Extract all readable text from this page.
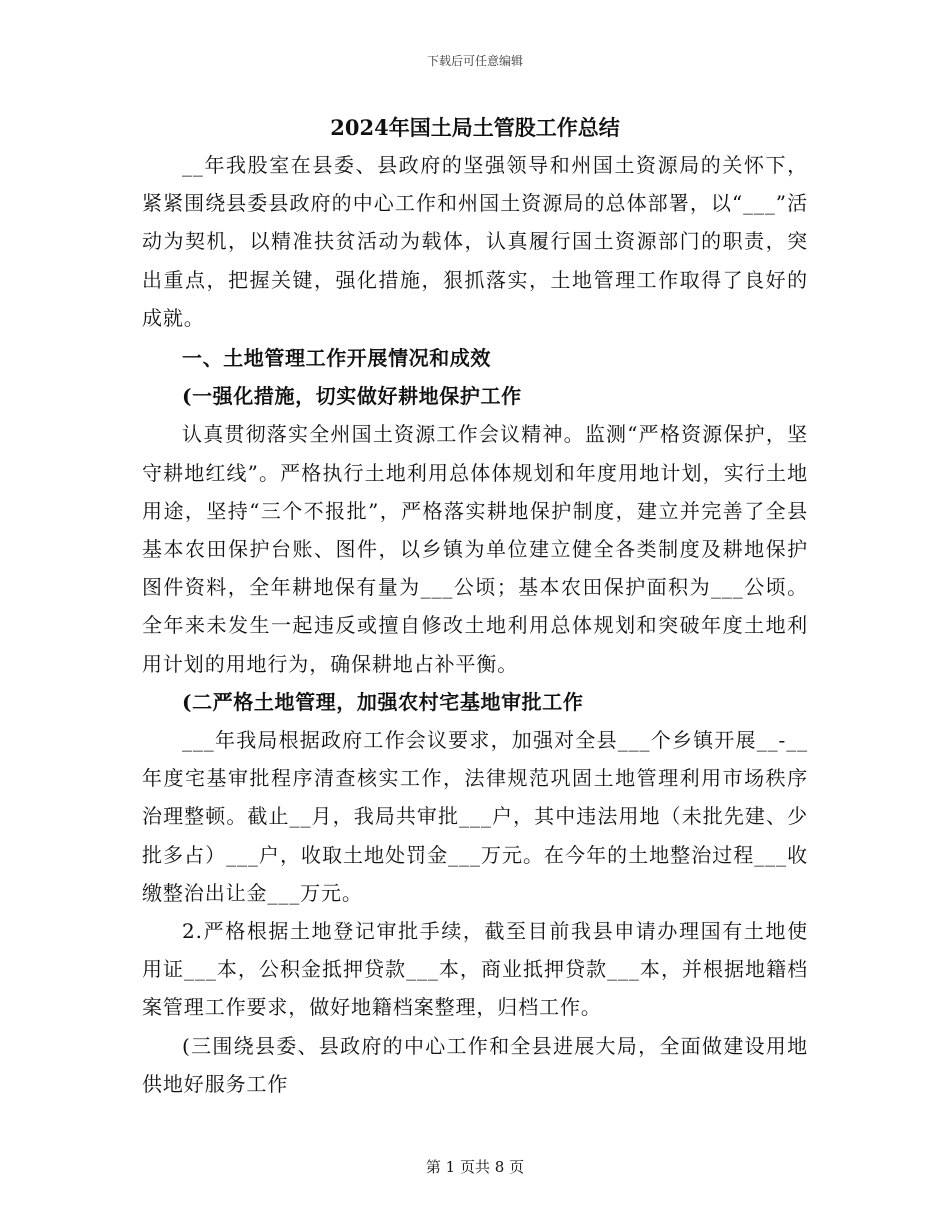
下载后可任意编辑
2024年国土局土管股工作总结

__年我股室在县委、县政府的坚强领导和州国土资源局的关怀下，紧紧围绕县委县政府的中心工作和州国土资源局的总体部署，以“___”活动为契机，以精准扶贫活动为载体，认真履行国土资源部门的职责，突出重点，把握关键，强化措施，狠抓落实，土地管理工作取得了良好的成就。

一、土地管理工作开展情况和成效

(一强化措施，切实做好耕地保护工作

认真贯彻落实全州国土资源工作会议精神。监测“严格资源保护，坚守耕地红线”。严格执行土地利用总体体规划和年度用地计划，实行土地用途，坚持“三个不报批”，严格落实耕地保护制度，建立并完善了全县基本农田保护台账、图件，以乡镇为单位建立健全各类制度及耕地保护图件资料，全年耕地保有量为___公顷；基本农田保护面积为___公顷。全年来未发生一起违反或擅自修改土地利用总体规划和突破年度土地利用计划的用地行为，确保耕地占补平衡。

(二严格土地管理，加强农村宅基地审批工作

___年我局根据政府工作会议要求，加强对全县___个乡镇开展__-__年度宅基审批程序清查核实工作，法律规范巩固土地管理利用市场秩序治理整顿。截止__月，我局共审批___户，其中违法用地（未批先建、少批多占）___户，收取土地处罚金___万元。在今年的土地整治过程___收缴整治出让金___万元。

2.严格根据土地登记审批手续，截至目前我县申请办理国有土地使用证___本，公积金抵押贷款___本，商业抵押贷款___本，并根据地籍档案管理工作要求，做好地籍档案整理，归档工作。

(三围绕县委、县政府的中心工作和全县进展大局，全面做建设用地供地好服务工作

第 1 页共 8 页
